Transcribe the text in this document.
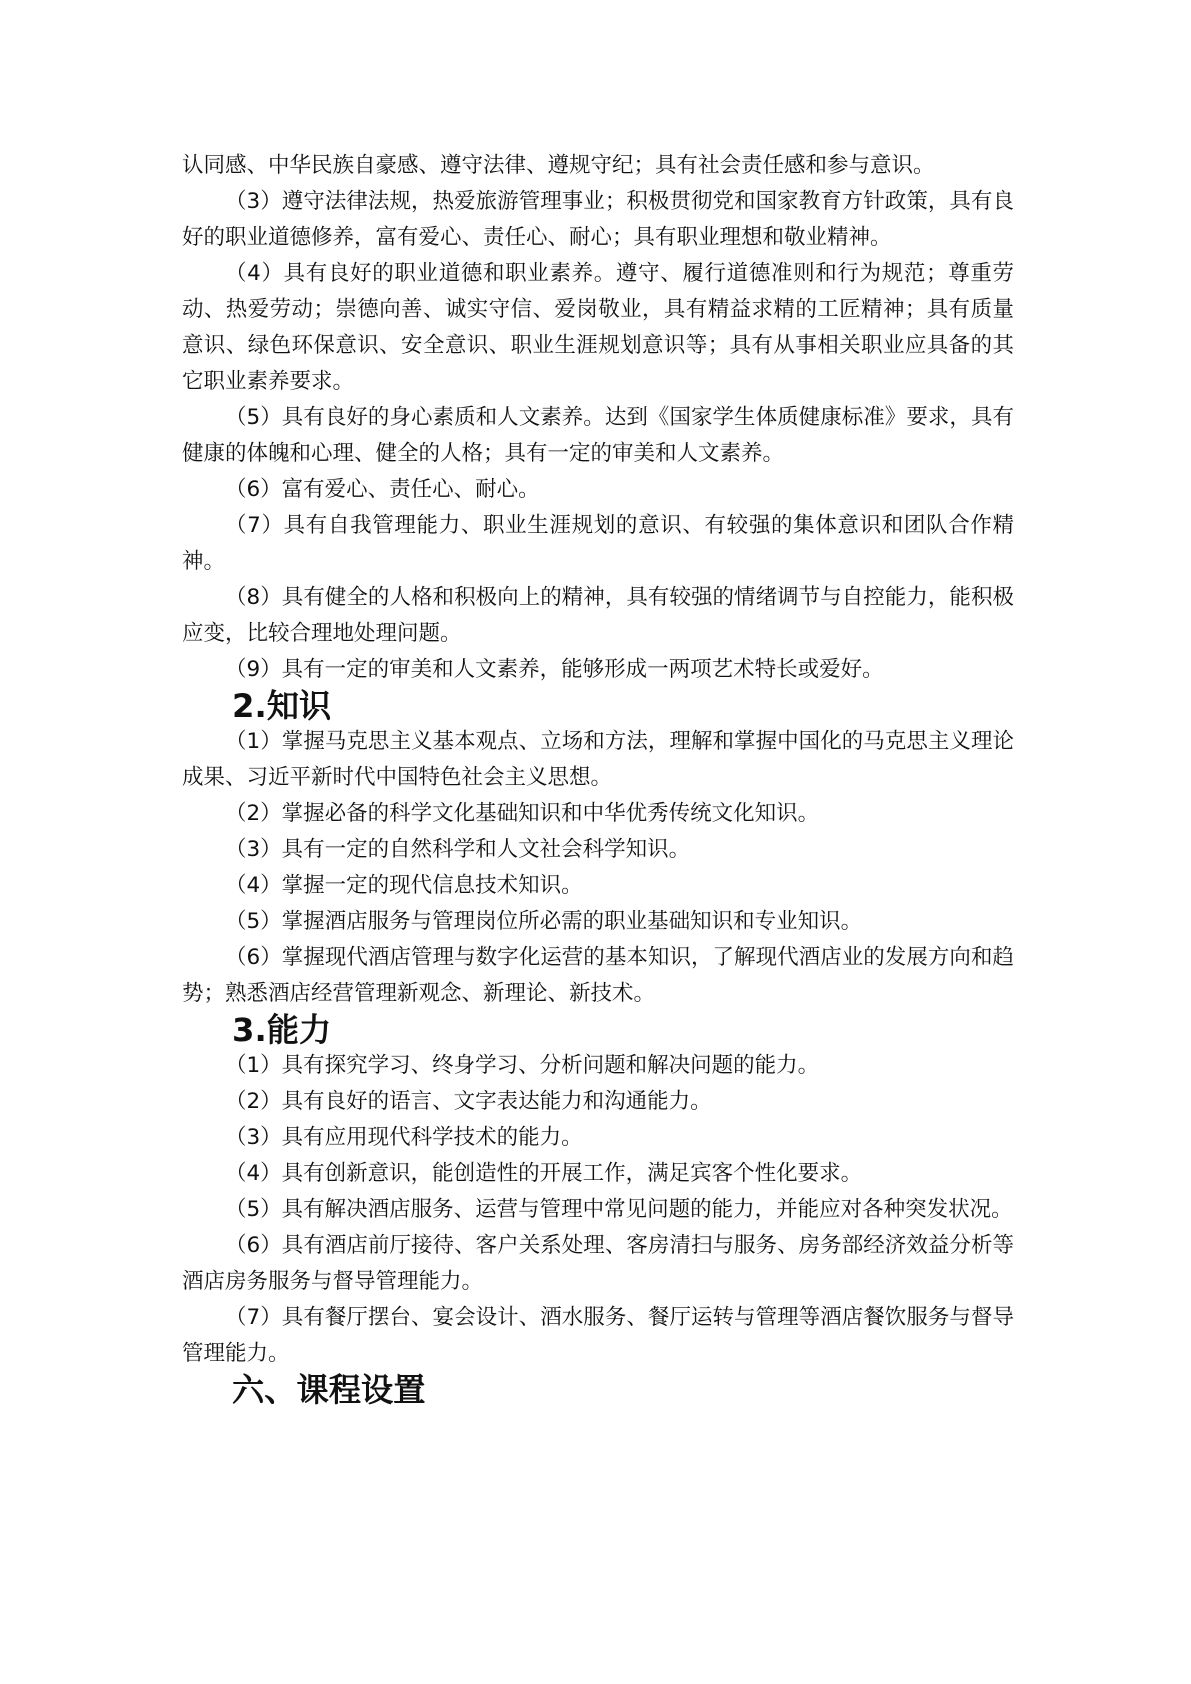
认同感、中华民族自豪感、遵守法律、遵规守纪；具有社会责任感和参与意识。

（3）遵守法律法规，热爱旅游管理事业；积极贯彻党和国家教育方针政策，具有良好的职业道德修养，富有爱心、责任心、耐心；具有职业理想和敬业精神。

（4）具有良好的职业道德和职业素养。遵守、履行道德准则和行为规范；尊重劳动、热爱劳动；崇德向善、诚实守信、爱岗敬业，具有精益求精的工匠精神；具有质量意识、绿色环保意识、安全意识、职业生涯规划意识等；具有从事相关职业应具备的其它职业素养要求。

（5）具有良好的身心素质和人文素养。达到《国家学生体质健康标准》要求，具有健康的体魄和心理、健全的人格；具有一定的审美和人文素养。

（6）富有爱心、责任心、耐心。

（7）具有自我管理能力、职业生涯规划的意识、有较强的集体意识和团队合作精神。

（8）具有健全的人格和积极向上的精神，具有较强的情绪调节与自控能力，能积极应变，比较合理地处理问题。

（9）具有一定的审美和人文素养，能够形成一两项艺术特长或爱好。

2.知识

（1）掌握马克思主义基本观点、立场和方法，理解和掌握中国化的马克思主义理论成果、习近平新时代中国特色社会主义思想。

（2）掌握必备的科学文化基础知识和中华优秀传统文化知识。

（3）具有一定的自然科学和人文社会科学知识。

（4）掌握一定的现代信息技术知识。

（5）掌握酒店服务与管理岗位所必需的职业基础知识和专业知识。

（6）掌握现代酒店管理与数字化运营的基本知识，了解现代酒店业的发展方向和趋势；熟悉酒店经营管理新观念、新理论、新技术。

3.能力

（1）具有探究学习、终身学习、分析问题和解决问题的能力。

（2）具有良好的语言、文字表达能力和沟通能力。

（3）具有应用现代科学技术的能力。

（4）具有创新意识，能创造性的开展工作，满足宾客个性化要求。

（5）具有解决酒店服务、运营与管理中常见问题的能力，并能应对各种突发状况。

（6）具有酒店前厅接待、客户关系处理、客房清扫与服务、房务部经济效益分析等酒店房务服务与督导管理能力。

（7）具有餐厅摆台、宴会设计、酒水服务、餐厅运转与管理等酒店餐饮服务与督导管理能力。

六、课程设置
